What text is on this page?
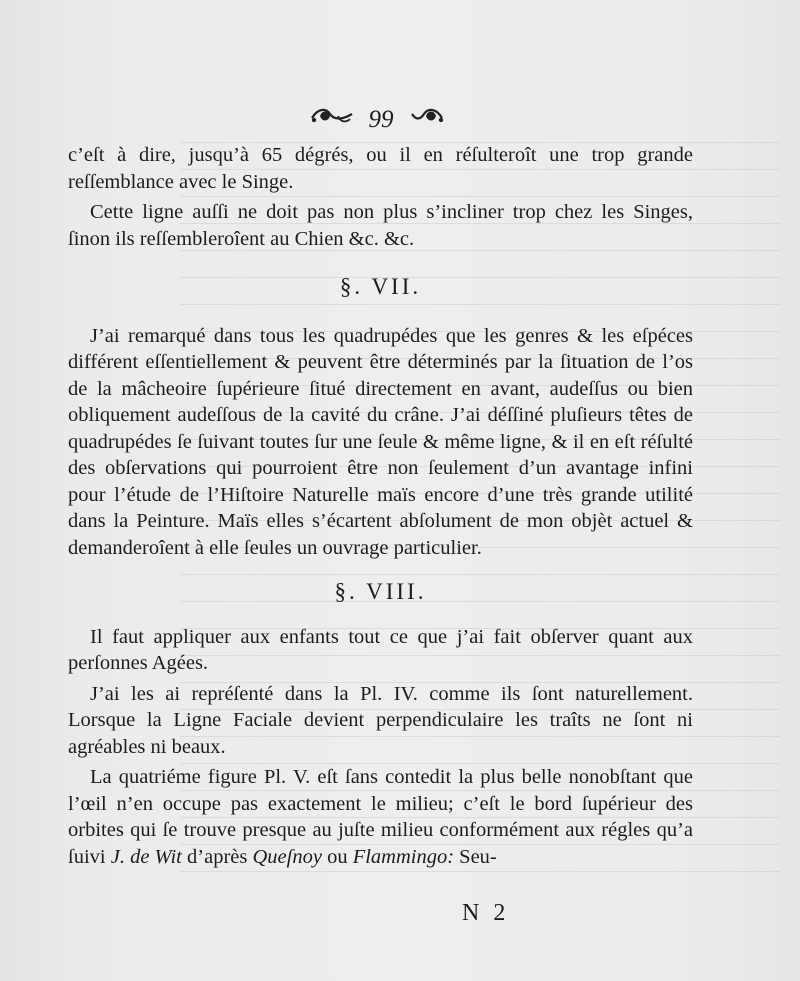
99

c’eſt à dire, jusqu’à 65 dégrés, ou il en réſulteroît une trop grande reſſemblance avec le Singe.

Cette ligne auſſi ne doit pas non plus s’incliner trop chez les Singes, ſinon ils reſſembleroîent au Chien &c. &c.

§. VII.

J’ai remarqué dans tous les quadrupédes que les genres & les eſpéces différent eſſentiellement & peuvent être déterminés par la ſituation de l’os de la mâcheoire ſupérieure ſitué directement en avant, audeſſus ou bien obliquement audeſſous de la cavité du crâne. J’ai déſſiné pluſieurs têtes de quadrupédes ſe ſuivant toutes ſur une ſeule & même ligne, & il en eſt réſulté des obſervations qui pourroient être non ſeulement d’un avantage infini pour l’étude de l’Hiſtoire Naturelle maïs encore d’une très grande utilité dans la Peinture. Maïs elles s’écartent abſolument de mon objèt actuel & demanderoîent à elle ſeules un ouvrage particulier.

§. VIII.

Il faut appliquer aux enfants tout ce que j’ai fait obſerver quant aux perſonnes Agées.

J’ai les ai repréſenté dans la Pl. IV. comme ils ſont naturellement. Lorsque la Ligne Faciale devient perpendiculaire les traîts ne ſont ni agréables ni beaux.

La quatriéme figure Pl. V. eſt ſans contedit la plus belle nonobſtant que l’œil n’en occupe pas exactement le milieu; c’eſt le bord ſupérieur des orbites qui ſe trouve presque au juſte milieu conformément aux régles qu’a ſuivi J. de Wit d’après Queſnoy ou Flammingo: Seu-

N 2
